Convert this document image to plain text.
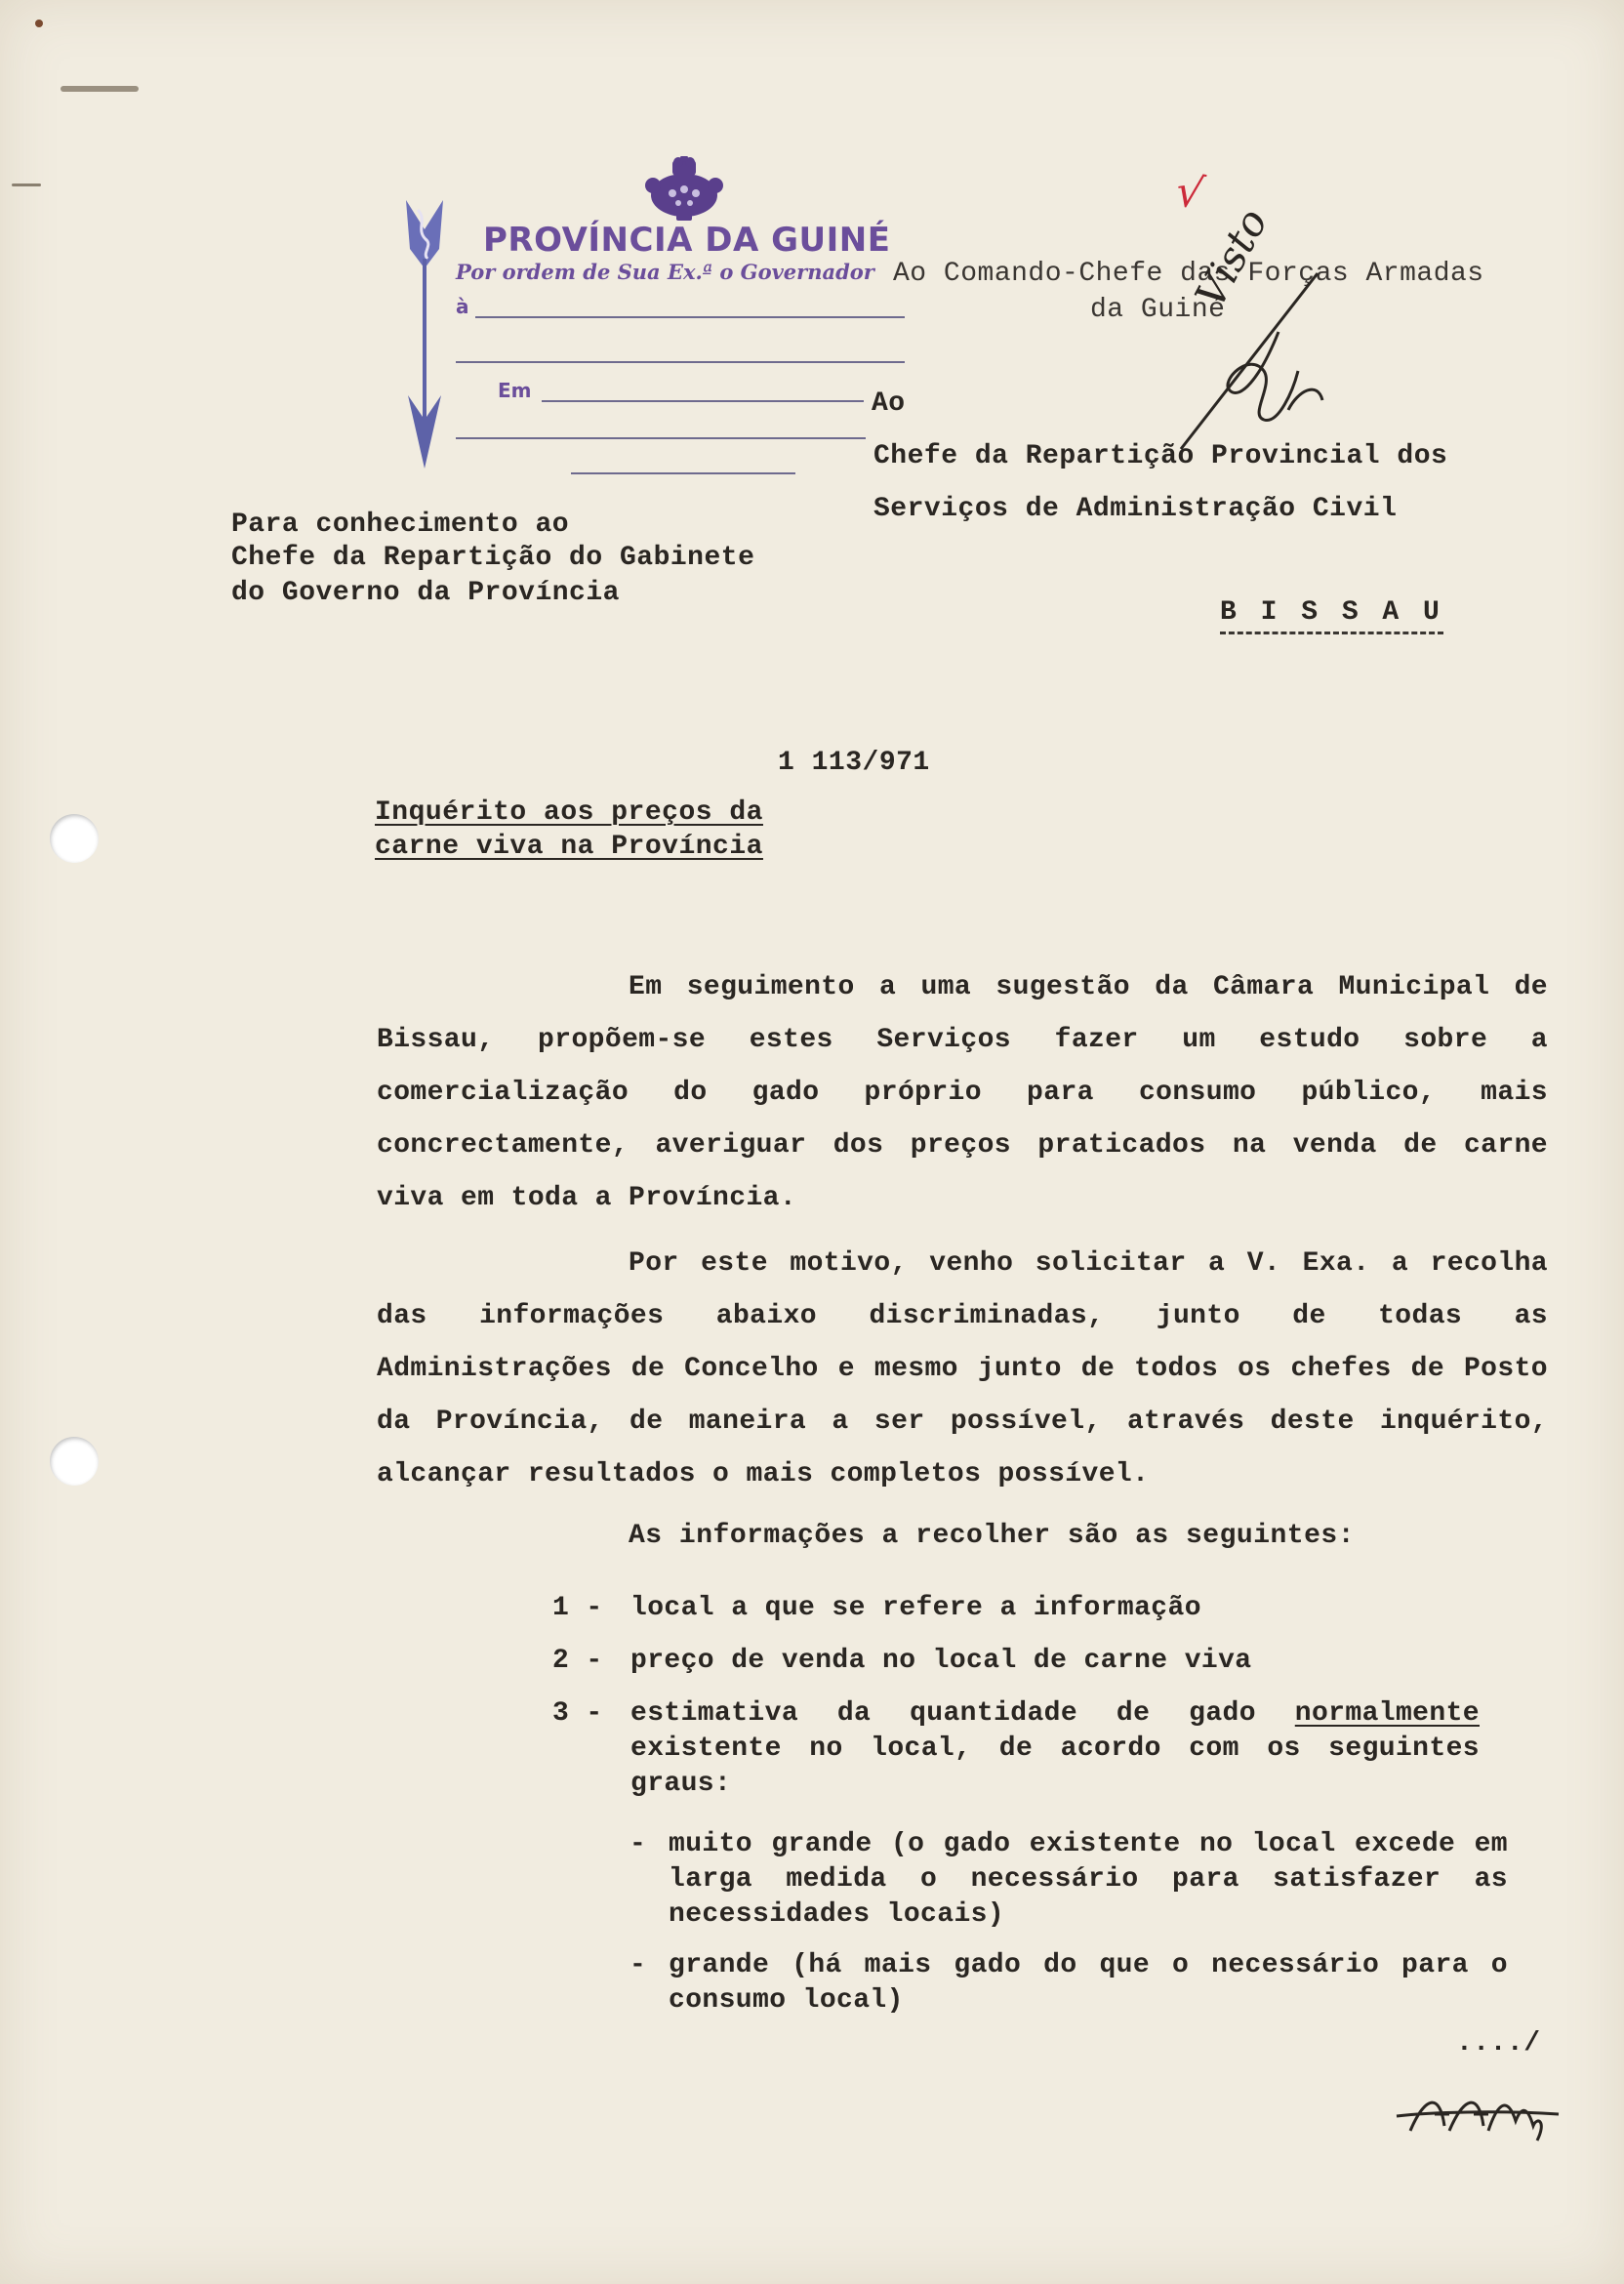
PROVÍNCIA DA GUINÉ
Por ordem de Sua Ex.ª o Governador
à
Em
Ao Comando-Chefe das Forças Armadas
da Guiné
Ao
Chefe da Repartição Provincial dos
Serviços de Administração Civil
B I S S A U
√
Visto
Para conhecimento ao
Chefe da Repartição do Gabinete
do Governo da Província
1 113/971
Inquérito aos preços da
carne viva na Província
Em seguimento a uma sugestão da Câmara Municipal de Bissau, propõem-se estes Serviços fazer um estudo sobre a comercialização do gado próprio para consumo público, mais concrectamente, averiguar dos preços praticados na venda de carne viva em toda a Província.
Por este motivo, venho solicitar a V. Exa. a recolha das informações abaixo discriminadas, junto de todas as Administrações de Concelho e mesmo junto de todos os chefes de Posto da Província, de maneira a ser possível, através deste inquérito, alcançar resultados o mais completos possível.
As informações a recolher são as seguintes:
1 - local a que se refere a informação
2 - preço de venda no local de carne viva
3 - estimativa da quantidade de gado normalmente existente no local, de acordo com os seguintes graus:
- muito grande (o gado existente no local excede em larga medida o necessário para satisfazer as necessidades locais)
- grande (há mais gado do que o necessário para o consumo local)
..../
